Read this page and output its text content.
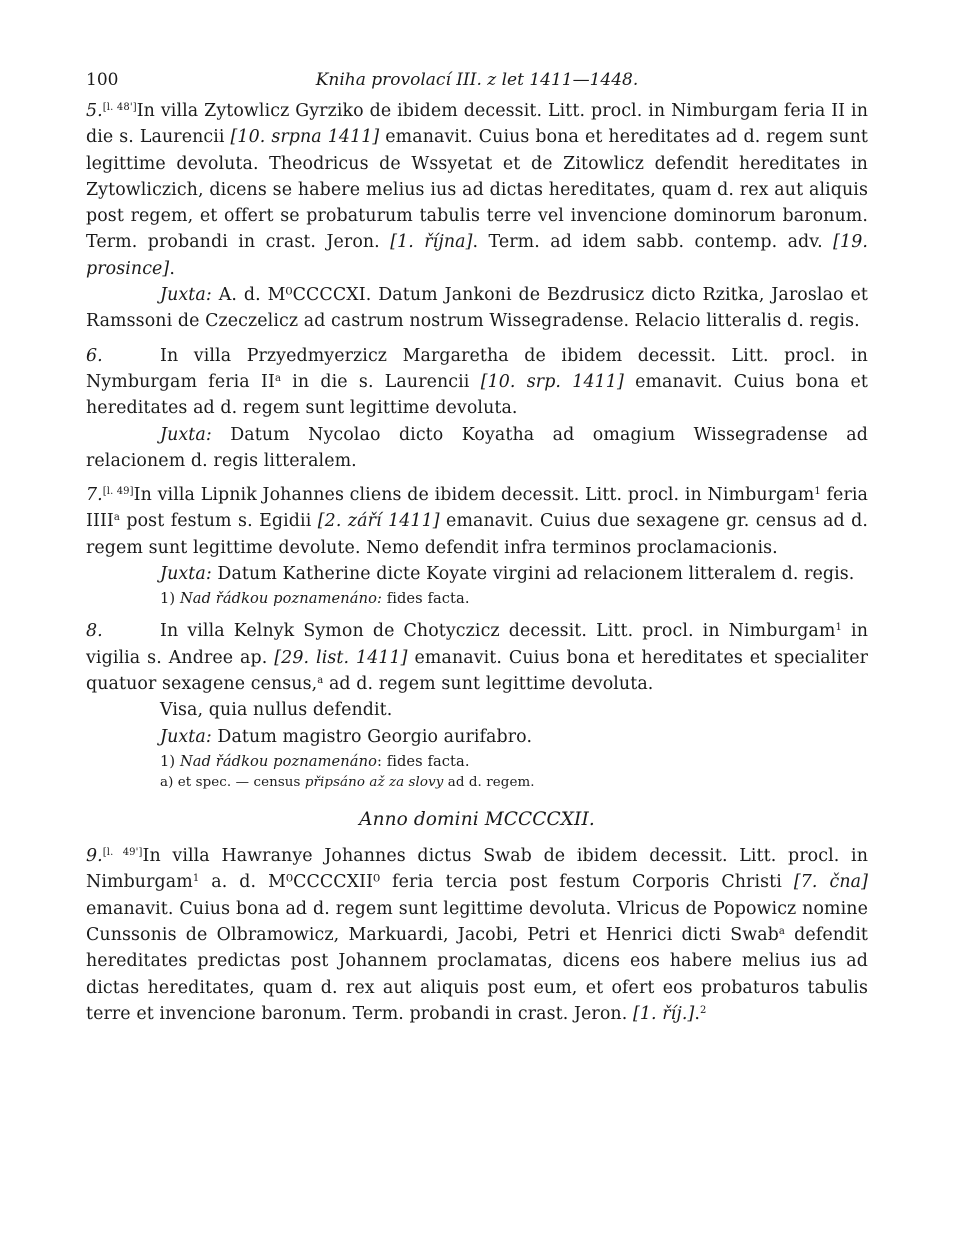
100	Kniha provolací III. z let 1411—1448.

5.[l. 48']In villa Zytowlicz Gyrziko de ibidem decessit. Litt. procl. in Nimburgam feria II in die s. Laurencii [10. srpna 1411] emanavit. Cuius bona et hereditates ad d. regem sunt legittime devoluta. Theodricus de Wssyetat et de Zitowlicz defendit hereditates in Zytowliczich, dicens se habere melius ius ad dictas hereditates, quam d. rex aut aliquis post regem, et offert se probaturum tabulis terre vel invencione dominorum baronum. Term. probandi in crast. Jeron. [1. října]. Term. ad idem sabb. contemp. adv. [19. prosince].

Juxta: A. d. M⁰CCCCXI. Datum Jankoni de Bezdrusicz dicto Rzitka, Jaroslao et Ramssoni de Czeczelicz ad castrum nostrum Wissegradense. Relacio litteralis d. regis.

6.	In villa Przyedmyerzicz Margaretha de ibidem decessit. Litt. procl. in Nymburgam feria $II^a$ in die s. Laurencii [10. srp. 1411] emanavit. Cuius bona et hereditates ad d. regem sunt legittime devoluta.

Juxta: Datum Nycolao dicto Koyatha ad omagium Wissegradense ad relacionem d. regis litteralem.

7.[l. 49]In villa Lipnik Johannes cliens de ibidem decessit. Litt. procl. in Nimburgam$^1$ feria IIII$^a$ post festum s. Egidii [2. září 1411] emanavit. Cuius due sexagene gr. census ad d. regem sunt legittime devolute. Nemo defendit infra terminos proclamacionis.

Juxta: Datum Katherine dicte Koyate virgini ad relacionem litteralem d. regis.

1) Nad řádkou poznamenáno: fides facta.

8.	In villa Kelnyk Symon de Chotyczicz decessit. Litt. procl. in Nimburgam$^1$ in vigilia s. Andree ap. [29. list. 1411] emanavit. Cuius bona et hereditates et specialiter quatuor sexagene census,$^a$ ad d. regem sunt legittime devoluta.

Visa, quia nullus defendit.

Juxta: Datum magistro Georgio aurifabro.

1) Nad řádkou poznamenáno: fides facta.

a) et spec. — census připsáno až za slovy ad d. regem.

Anno domini MCCCCXII.

9.[l. 49']In villa Hawranye Johannes dictus Swab de ibidem decessit. Litt. procl. in Nimburgam$^1$ a. d. M⁰CCCCXII⁰ feria tercia post festum Corporis Christi [7. čna] emanavit. Cuius bona ad d. regem sunt legittime devoluta. Vlricus de Popowicz nomine Cunssonis de Olbramowicz, Markuardi, Jacobi, Petri et Henrici dicti Swab$^a$ defendit hereditates predictas post Johannem proclamatas, dicens eos habere melius ius ad dictas hereditates, quam d. rex aut aliquis post eum, et ofert eos probaturos tabulis terre et invencione baronum. Term. probandi in crast. Jeron. [1. říj.].$^2$
